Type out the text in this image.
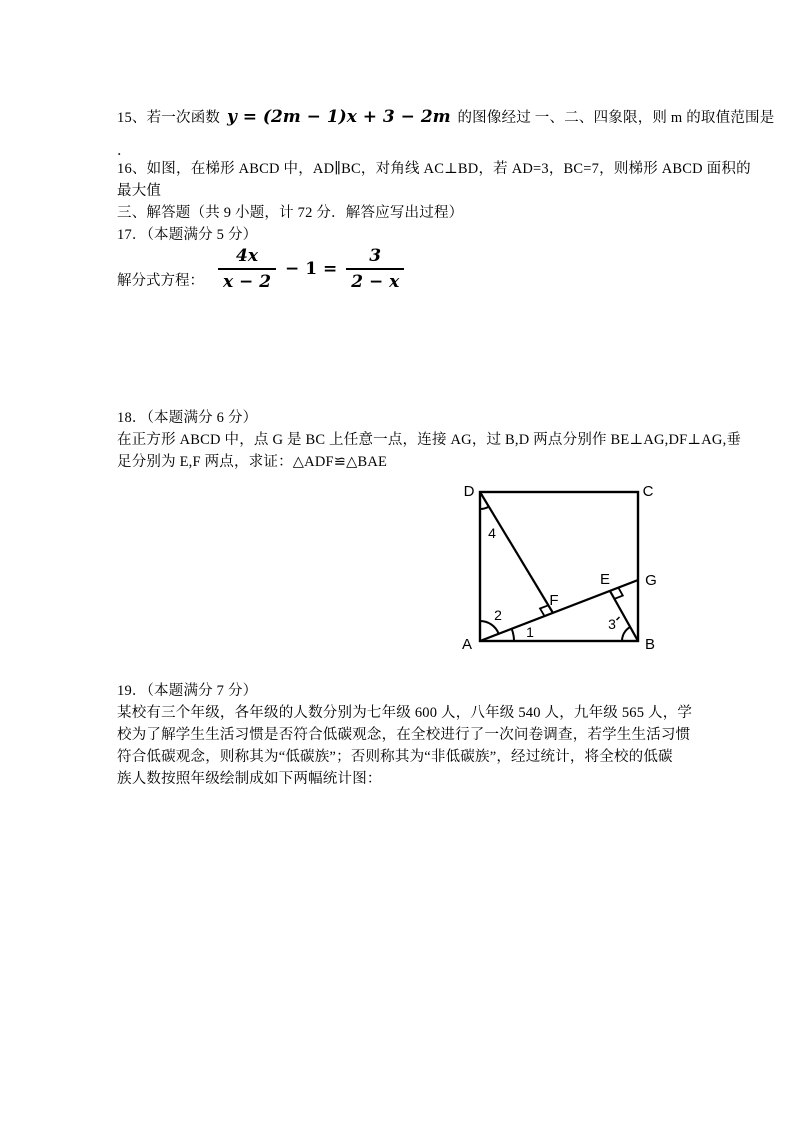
15、若一次函数 y = (2m − 1)x + 3 − 2m 的图像经过 一、二、四象限，则 m 的取值范围是
．
16、如图，在梯形 ABCD 中，AD∥BC，对角线 AC⊥BD，若 AD=3，BC=7，则梯形 ABCD 面积的
最大值
三、解答题（共 9 小题，计 72 分．解答应写出过程）
17．（本题满分 5 分）
解分式方程： $\frac{4x}{x - 2} - 1 = \frac{3}{2 - x}$
18．（本题满分 6 分）
在正方形 ABCD 中，点 G 是 BC 上任意一点，连接 AG，过 B,D 两点分别作 BE⊥AG,DF⊥AG,垂
足分别为 E,F 两点，求证：△ADF≌△BAE
D	C
A	B
G
E
F
4
2
1	3
19．（本题满分 7 分）
某校有三个年级，各年级的人数分别为七年级 600 人，八年级 540 人，九年级 565 人，学
校为了解学生生活习惯是否符合低碳观念，在全校进行了一次问卷调查，若学生生活习惯
符合低碳观念，则称其为“低碳族”；否则称其为“非低碳族”，经过统计，将全校的低碳
族人数按照年级绘制成如下两幅统计图：
